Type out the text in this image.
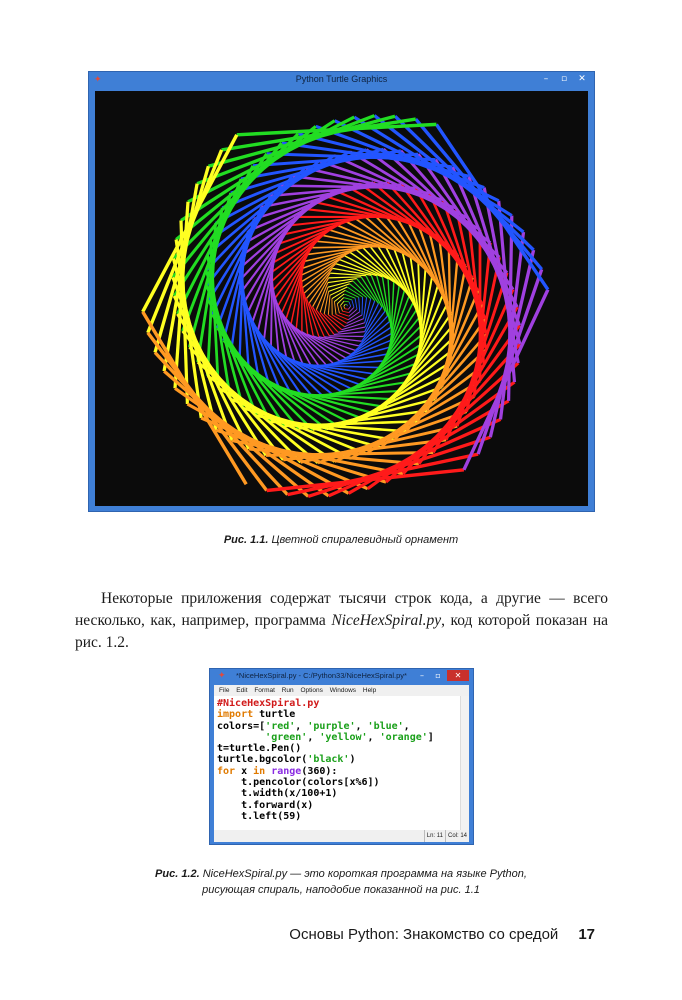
✦	Python Turtle Graphics	–	▫	✕
Рис. 1.1. Цветной спиралевидный орнамент
Некоторые приложения содержат тысячи строк кода, а другие — всего несколько, как, например, программа NiceHexSpiral.py, код которой показан на рис. 1.2.
✦	*NiceHexSpiral.py - C:/Python33/NiceHexSpiral.py*	–	▫	✕
File Edit Format Run Options Windows Help
#NiceHexSpiral.py
import turtle
colors=['red', 'purple', 'blue',
'green', 'yellow', 'orange']
t=turtle.Pen()
turtle.bgcolor('black')
for x in range(360):
t.pencolor(colors[x%6])
t.width(x/100+1)
t.forward(x)
t.left(59)
Ln: 11 Col: 14
Рис. 1.2. NiceHexSpiral.py — это короткая программа на языке Python,
рисующая спираль, наподобие показанной на рис. 1.1
Основы Python: Знакомство со средой 17
